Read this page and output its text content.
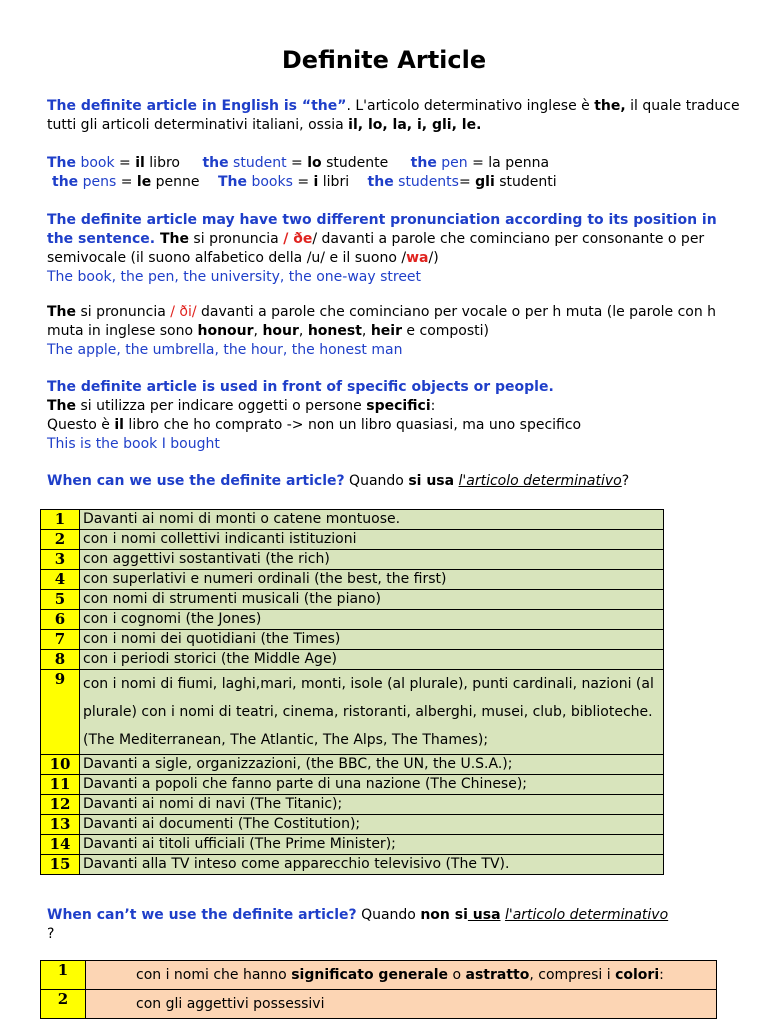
Definite Article
The definite article in English is “the”. L'articolo determinativo inglese è the, il quale traduce tutti gli articoli determinativi italiani, ossia il, lo, la, i, gli, le.
The book = il libro the student = lo studente the pen = la penna
the pens = le penne The books = i libri the students= gli studenti
The definite article may have two different pronunciation according to its position in the sentence. The si pronuncia / ðe/ davanti a parole che cominciano per consonante o per semivocale (il suono alfabetico della /u/ e il suono /wa/)
The book, the pen, the university, the one-way street
The si pronuncia / ði/ davanti a parole che cominciano per vocale o per h muta (le parole con h muta in inglese sono honour, hour, honest, heir e composti)
The apple, the umbrella, the hour, the honest man
The definite article is used in front of specific objects or people.
The si utilizza per indicare oggetti o persone specifici:
Questo è il libro che ho comprato -> non un libro quasiasi, ma uno specifico
This is the book I bought
When can we use the definite article? Quando si usa l'articolo determinativo?
1	Davanti ai nomi di monti o catene montuose.
2	con i nomi collettivi indicanti istituzioni
3	con aggettivi sostantivati (the rich)
4	con superlativi e numeri ordinali (the best, the first)
5	con nomi di strumenti musicali (the piano)
6	con i cognomi (the Jones)
7	con i nomi dei quotidiani (the Times)
8	con i periodi storici (the Middle Age)
9	con i nomi di fiumi, laghi,mari, monti, isole (al plurale), punti cardinali, nazioni (al plurale) con i nomi di teatri, cinema, ristoranti, alberghi, musei, club, biblioteche. (The Mediterranean, The Atlantic, The Alps, The Thames);
10	Davanti a sigle, organizzazioni, (the BBC, the UN, the U.S.A.);
11	Davanti a popoli che fanno parte di una nazione (The Chinese);
12	Davanti ai nomi di navi (The Titanic);
13	Davanti ai documenti (The Costitution);
14	Davanti ai titoli ufficiali (The Prime Minister);
15	Davanti alla TV inteso come apparecchio televisivo (The TV).
When can’t we use the definite article? Quando non si usa l'articolo determinativo
?
1	con i nomi che hanno significato generale o astratto, compresi i colori:
2	con gli aggettivi possessivi
